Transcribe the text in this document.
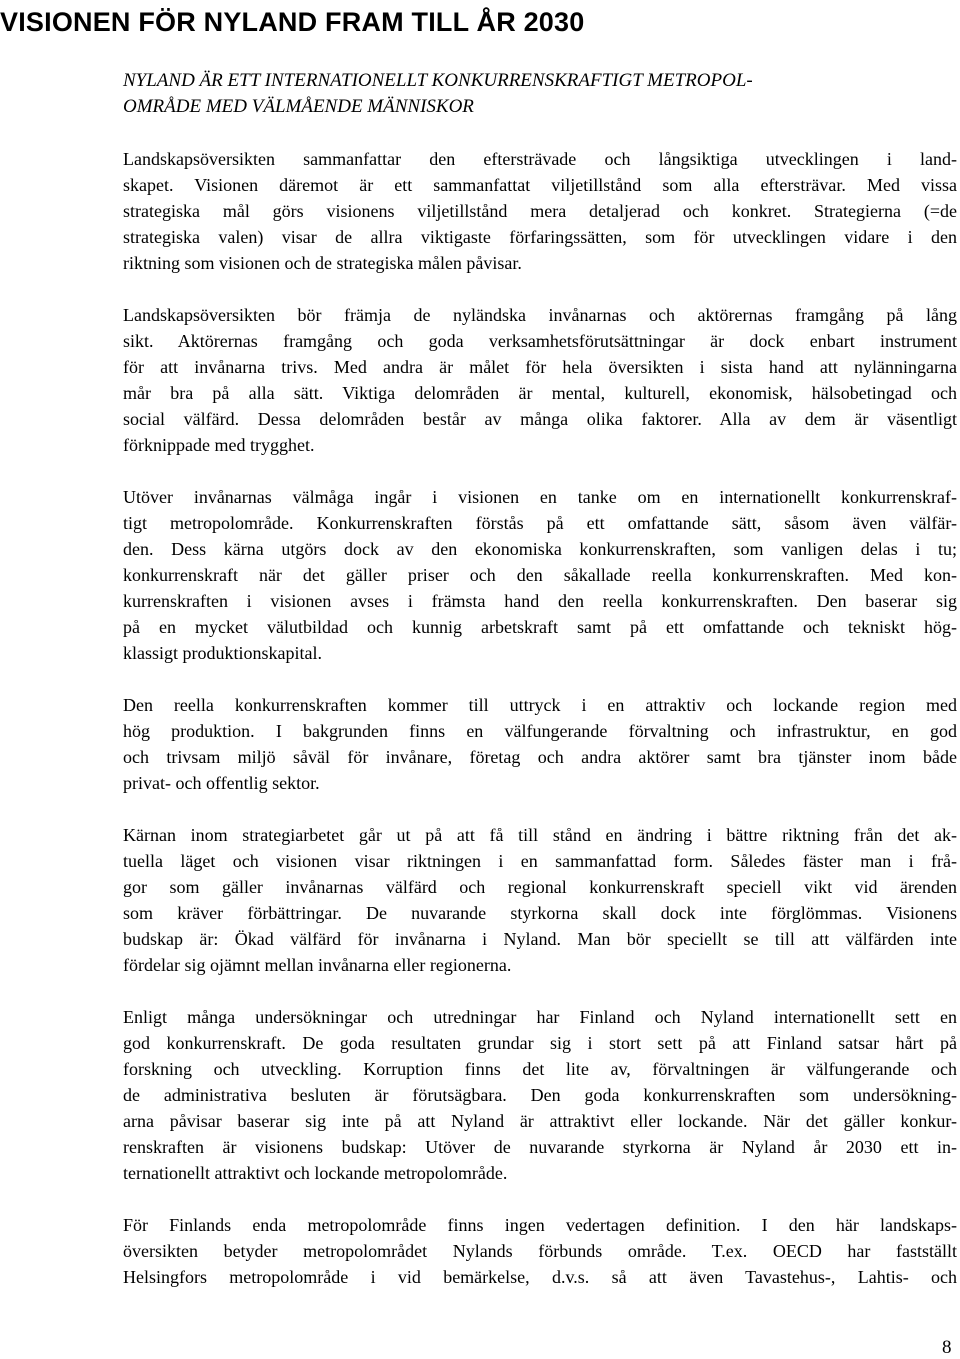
VISIONEN FÖR NYLAND FRAM TILL ÅR 2030
NYLAND ÄR ETT INTERNATIONELLT KONKURRENSKRAFTIGT METROPOL-
OMRÅDE MED VÄLMÅENDE MÄNNISKOR

Landskapsöversikten sammanfattar den eftersträvade och långsiktiga utvecklingen i land-
skapet. Visionen däremot är ett sammanfattat viljetillstånd som alla eftersträvar. Med vissa
strategiska mål görs visionens viljetillstånd mera detaljerad och konkret. Strategierna (=de
strategiska valen) visar de allra viktigaste förfaringssätten, som för utvecklingen vidare i den
riktning som visionen och de strategiska målen påvisar.

Landskapsöversikten bör främja de nyländska invånarnas och aktörernas framgång på lång
sikt. Aktörernas framgång och goda verksamhetsförutsättningar är dock enbart instrument
för att invånarna trivs. Med andra är målet för hela översikten i sista hand att nylänningarna
mår bra på alla sätt. Viktiga delområden är mental, kulturell, ekonomisk, hälsobetingad och
social välfärd. Dessa delområden består av många olika faktorer. Alla av dem är väsentligt
förknippade med trygghet.

Utöver invånarnas välmåga ingår i visionen en tanke om en internationellt konkurrenskraf-
tigt metropolområde. Konkurrenskraften förstås på ett omfattande sätt, såsom även välfär-
den. Dess kärna utgörs dock av den ekonomiska konkurrenskraften, som vanligen delas i tu;
konkurrenskraft när det gäller priser och den såkallade reella konkurrenskraften. Med kon-
kurrenskraften i visionen avses i främsta hand den reella konkurrenskraften. Den baserar sig
på en mycket välutbildad och kunnig arbetskraft samt på ett omfattande och tekniskt hög-
klassigt produktionskapital.

Den reella konkurrenskraften kommer till uttryck i en attraktiv och lockande region med
hög produktion. I bakgrunden finns en välfungerande förvaltning och infrastruktur, en god
och trivsam miljö såväl för invånare, företag och andra aktörer samt bra tjänster inom både
privat- och offentlig sektor.

Kärnan inom strategiarbetet går ut på att få till stånd en ändring i bättre riktning från det ak-
tuella läget och visionen visar riktningen i en sammanfattad form. Således fäster man i frå-
gor som gäller invånarnas välfärd och regional konkurrenskraft speciell vikt vid ärenden
som kräver förbättringar. De nuvarande styrkorna skall dock inte förglömmas. Visionens
budskap är: Ökad välfärd för invånarna i Nyland. Man bör speciellt se till att välfärden inte
fördelar sig ojämnt mellan invånarna eller regionerna.

Enligt många undersökningar och utredningar har Finland och Nyland internationellt sett en
god konkurrenskraft. De goda resultaten grundar sig i stort sett på att Finland satsar hårt på
forskning och utveckling. Korruption finns det lite av, förvaltningen är välfungerande och
de administrativa besluten är förutsägbara. Den goda konkurrenskraften som undersökning-
arna påvisar baserar sig inte på att Nyland är attraktivt eller lockande. När det gäller konkur-
renskraften är visionens budskap: Utöver de nuvarande styrkorna är Nyland år 2030 ett in-
ternationellt attraktivt och lockande metropolområde.

För Finlands enda metropolområde finns ingen vedertagen definition. I den här landskaps-
översikten betyder metropolområdet Nylands förbunds område. T.ex. OECD har fastställt
Helsingfors metropolområde i vid bemärkelse, d.v.s. så att även Tavastehus-, Lahtis- och

8
